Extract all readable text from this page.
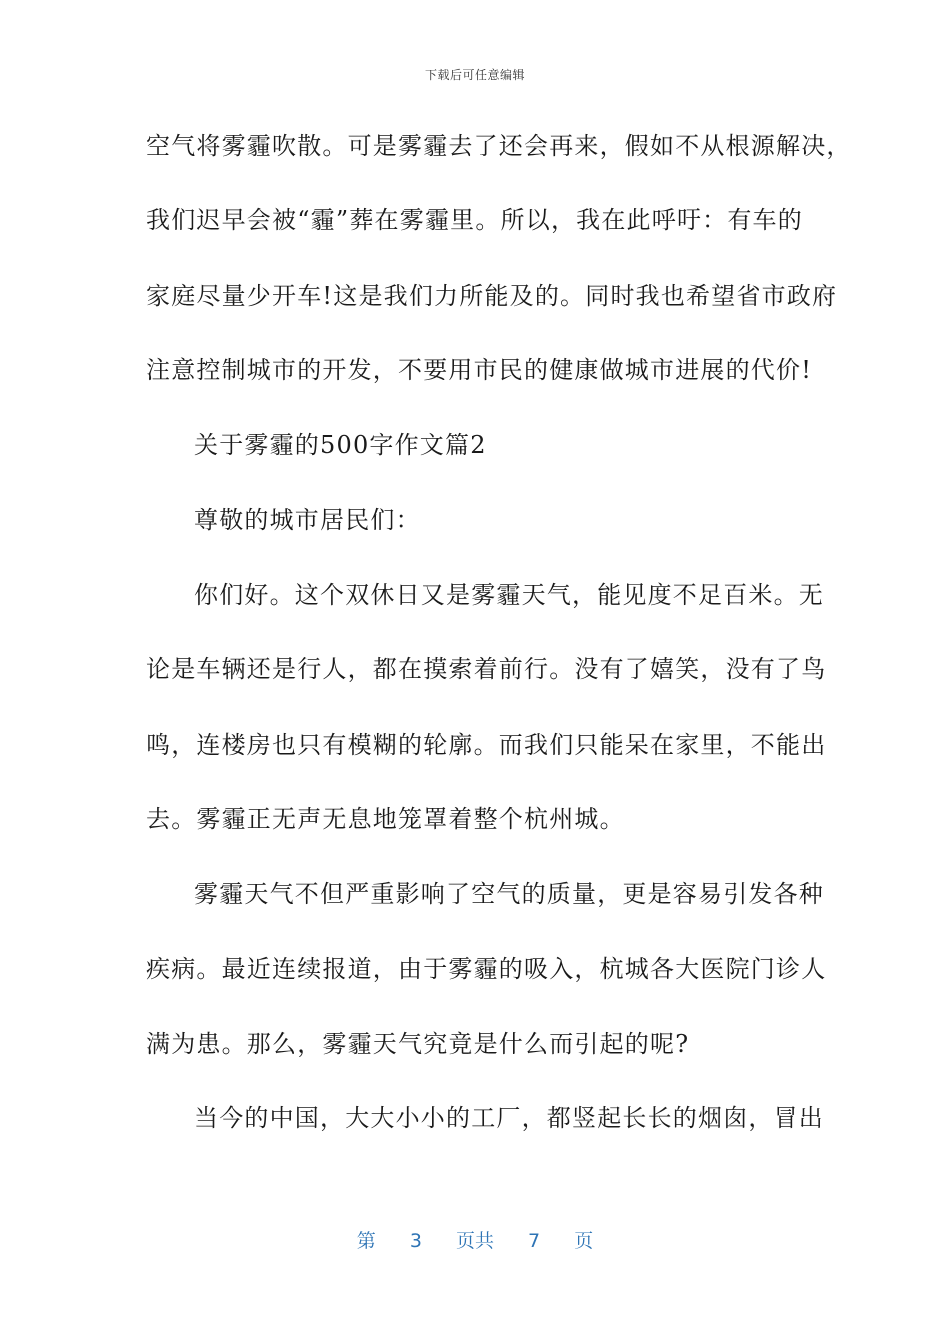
下载后可任意编辑
空气将雾霾吹散。可是雾霾去了还会再来，假如不从根源解决，
我们迟早会被“霾”葬在雾霾里。所以，我在此呼吁：有车的
家庭尽量少开车!这是我们力所能及的。同时我也希望省市政府
注意控制城市的开发，不要用市民的健康做城市进展的代价!
关于雾霾的500字作文篇2
尊敬的城市居民们：
你们好。这个双休日又是雾霾天气，能见度不足百米。无
论是车辆还是行人，都在摸索着前行。没有了嬉笑，没有了鸟
鸣，连楼房也只有模糊的轮廓。而我们只能呆在家里，不能出
去。雾霾正无声无息地笼罩着整个杭州城。
雾霾天气不但严重影响了空气的质量，更是容易引发各种
疾病。最近连续报道，由于雾霾的吸入，杭城各大医院门诊人
满为患。那么，雾霾天气究竟是什么而引起的呢?
当今的中国，大大小小的工厂，都竖起长长的烟囱，冒出
第 3 页共 7 页
